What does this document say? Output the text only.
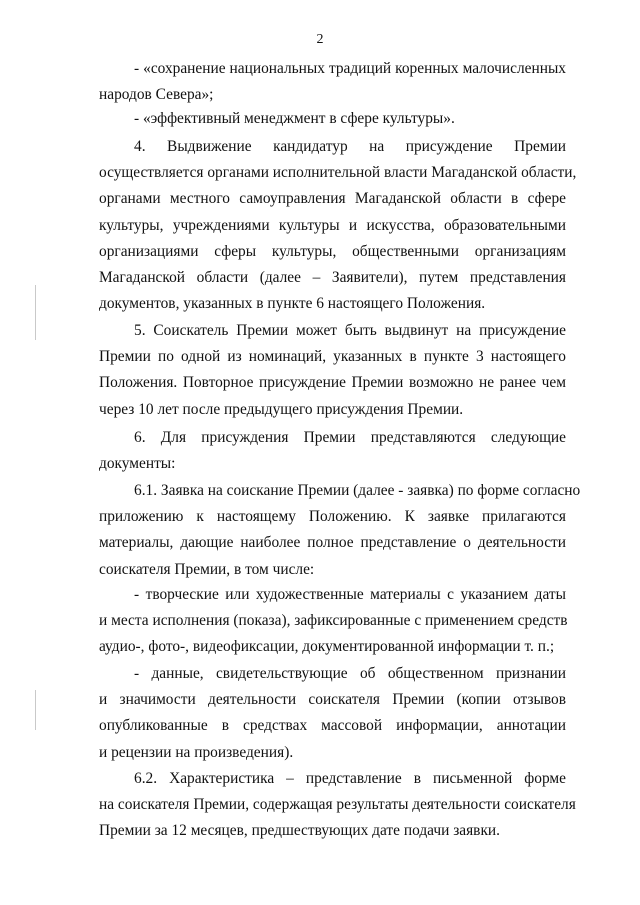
2
- «сохранение национальных традиций коренных малочисленных
народов Севера»;
- «эффективный менеджмент в сфере культуры».
4. Выдвижение кандидатур на присуждение Премии
осуществляется органами исполнительной власти Магаданской области,
органами местного самоуправления Магаданской области в сфере
культуры, учреждениями культуры и искусства, образовательными
организациями сферы культуры, общественными организациям
Магаданской области (далее – Заявители), путем представления
документов, указанных в пункте 6 настоящего Положения.
5. Соискатель Премии может быть выдвинут на присуждение
Премии по одной из номинаций, указанных в пункте 3 настоящего
Положения. Повторное присуждение Премии возможно не ранее чем
через 10 лет после предыдущего присуждения Премии.
6. Для присуждения Премии представляются следующие
документы:
6.1. Заявка на соискание Премии (далее - заявка) по форме согласно
приложению к настоящему Положению. К заявке прилагаются
материалы, дающие наиболее полное представление о деятельности
соискателя Премии, в том числе:
- творческие или художественные материалы с указанием даты
и места исполнения (показа), зафиксированные с применением средств
аудио-, фото-, видеофиксации, документированной информации т. п.;
- данные, свидетельствующие об общественном признании
и значимости деятельности соискателя Премии (копии отзывов
опубликованные в средствах массовой информации, аннотации
и рецензии на произведения).
6.2. Характеристика – представление в письменной форме
на соискателя Премии, содержащая результаты деятельности соискателя
Премии за 12 месяцев, предшествующих дате подачи заявки.
